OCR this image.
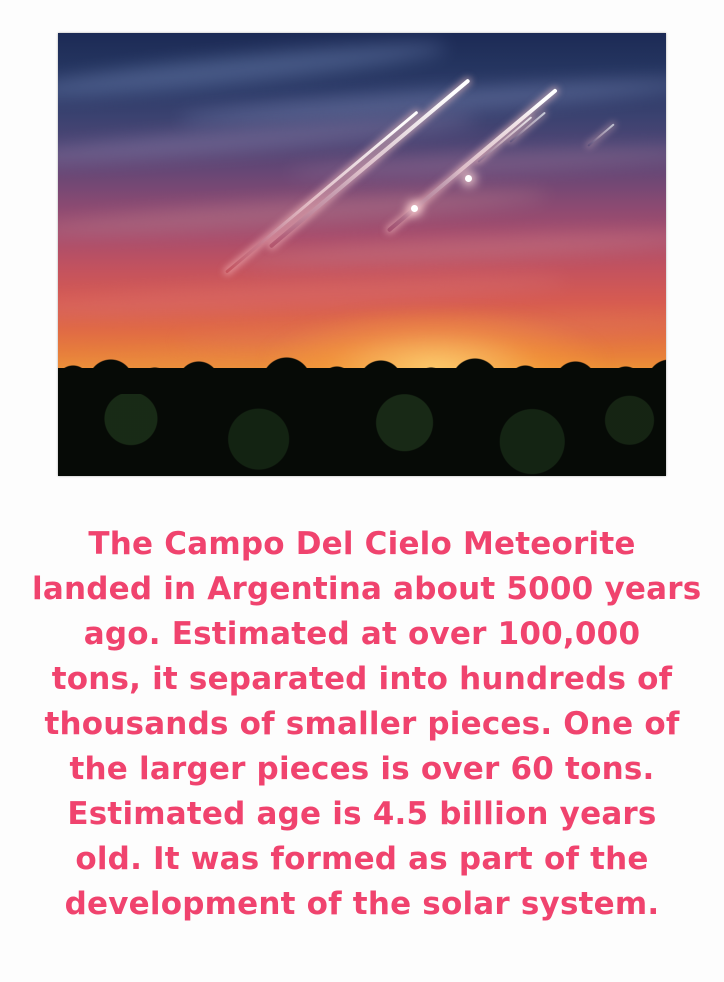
The Campo Del Cielo Meteorite
landed in Argentina about 5000 years
ago. Estimated at over 100,000
tons, it separated into hundreds of
thousands of smaller pieces. One of
the larger pieces is over 60 tons.
Estimated age is 4.5 billion years
old. It was formed as part of the
development of the solar system.
